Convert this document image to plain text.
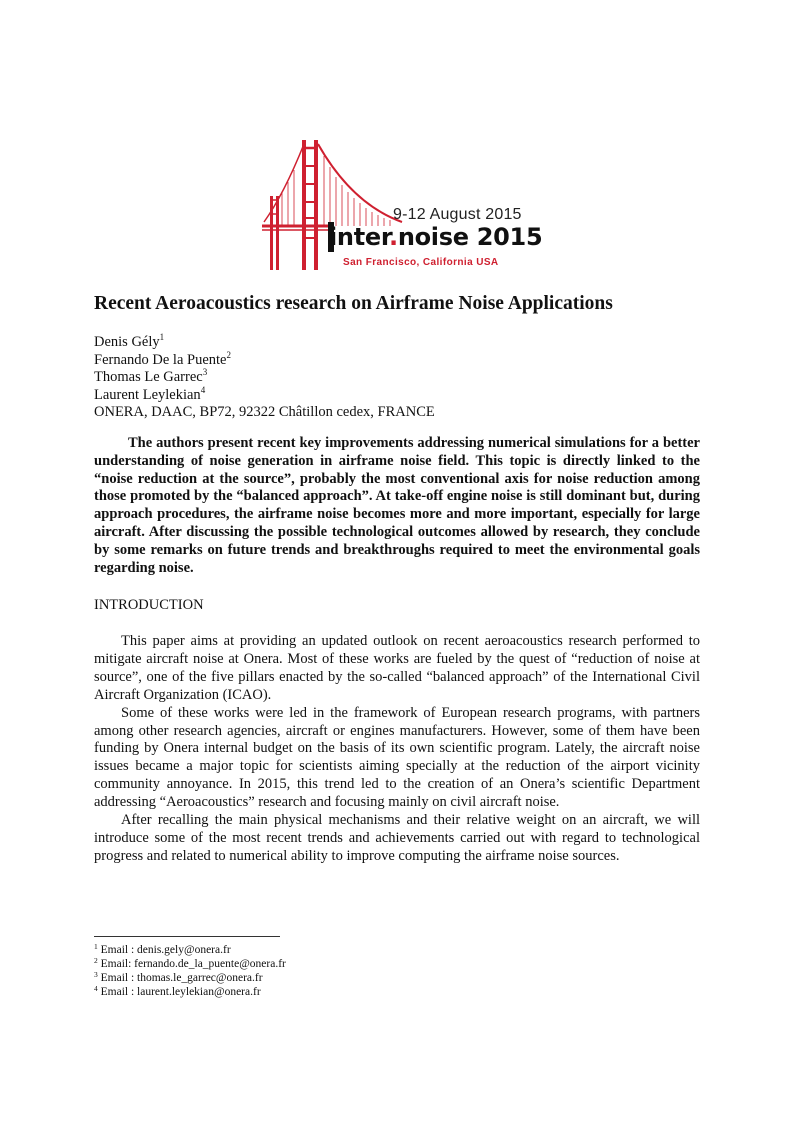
9-12 August 2015
inter.noise 2015
San Francisco, California USA
Recent Aeroacoustics research on Airframe Noise Applications
Denis Gély$^1$
Fernando De la Puente$^2$
Thomas Le Garrec$^3$
Laurent Leylekian$^4$
ONERA, DAAC, BP72, 92322 Châtillon cedex, FRANCE

The authors present recent key improvements addressing numerical simulations for a better understanding of noise generation in airframe noise field. This topic is directly linked to the “noise reduction at the source”, probably the most conventional axis for noise reduction among those promoted by the “balanced approach”. At take-off engine noise is still dominant but, during approach procedures, the airframe noise becomes more and more important, especially for large aircraft. After discussing the possible technological outcomes allowed by research, they conclude by some remarks on future trends and breakthroughs required to meet the environmental goals regarding noise.

INTRODUCTION

This paper aims at providing an updated outlook on recent aeroacoustics research performed to mitigate aircraft noise at Onera. Most of these works are fueled by the quest of “reduction of noise at source”, one of the five pillars enacted by the so-called “balanced approach” of the International Civil Aircraft Organization (ICAO).

Some of these works were led in the framework of European research programs, with partners among other research agencies, aircraft or engines manufacturers. However, some of them have been funding by Onera internal budget on the basis of its own scientific program. Lately, the aircraft noise issues became a major topic for scientists aiming specially at the reduction of the airport vicinity community annoyance. In 2015, this trend led to the creation of an Onera’s scientific Department addressing “Aeroacoustics” research and focusing mainly on civil aircraft noise.

After recalling the main physical mechanisms and their relative weight on an aircraft, we will introduce some of the most recent trends and achievements carried out with regard to technological progress and related to numerical ability to improve computing the airframe noise sources.

$^1$ Email : denis.gely@onera.fr
$^2$ Email: fernando.de_la_puente@onera.fr
$^3$ Email : thomas.le_garrec@onera.fr
$^4$ Email : laurent.leylekian@onera.fr
